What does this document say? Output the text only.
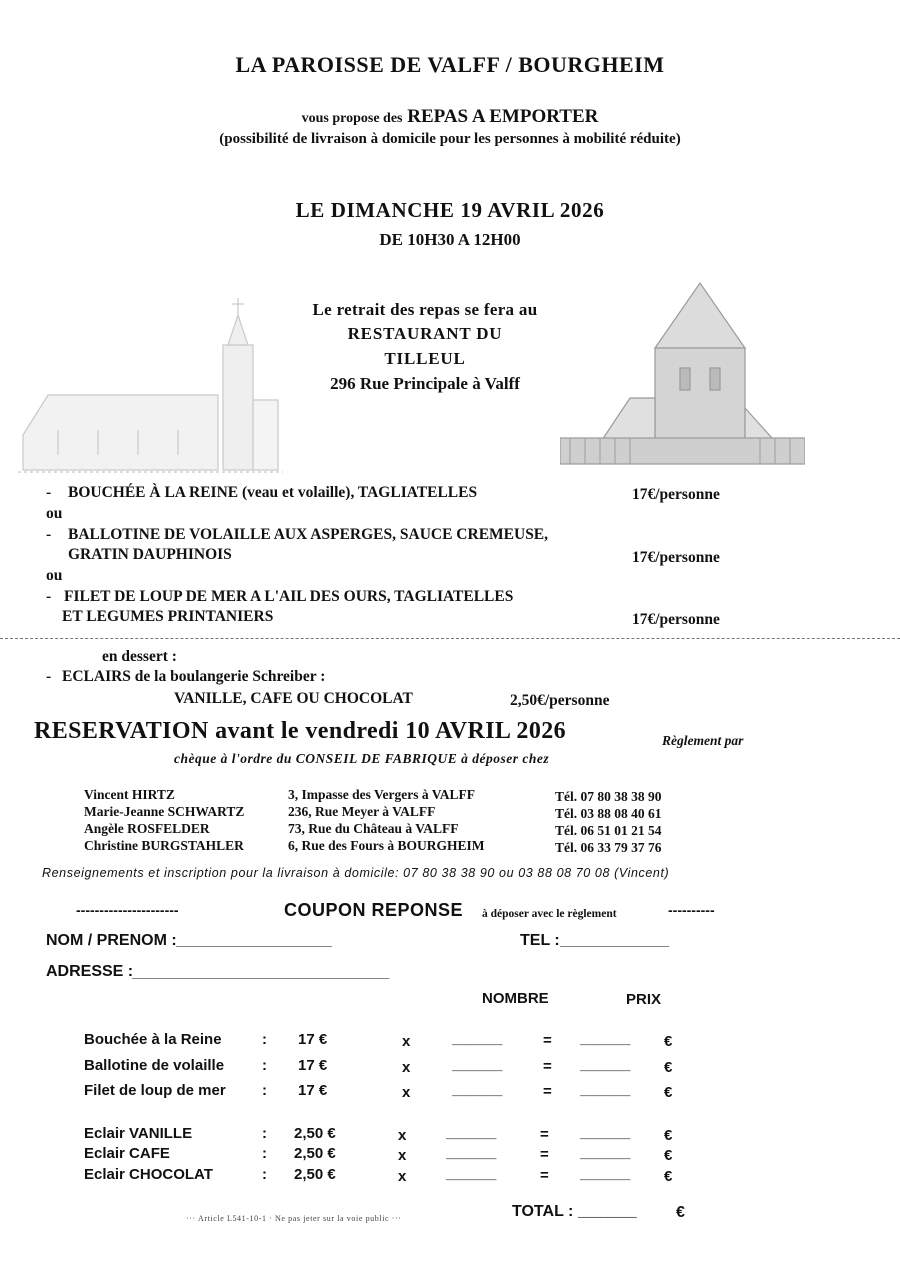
LA PAROISSE DE VALFF / BOURGHEIM
vous propose des REPAS A EMPORTER
(possibilité de livraison à domicile pour les personnes à mobilité réduite)
LE DIMANCHE 19 AVRIL 2026
DE 10H30 A 12H00
Le retrait des repas se fera au
RESTAURANT DU
TILLEUL
296 Rue Principale à Valff
- BOUCHÉE À LA REINE (veau et volaille), TAGLIATELLES	17€/personne
ou
- BALLOTINE DE VOLAILLE AUX ASPERGES, SAUCE CREMEUSE,
GRATIN DAUPHINOIS	17€/personne
ou
- FILET DE LOUP DE MER A L'AIL DES OURS, TAGLIATELLES
ET LEGUMES PRINTANIERS	17€/personne
en dessert :
- ECLAIRS de la boulangerie Schreiber :
VANILLE, CAFE OU CHOCOLAT	2,50€/personne
RESERVATION avant le vendredi 10 AVRIL 2026	Règlement par
chèque à l'ordre du CONSEIL DE FABRIQUE à déposer chez
Vincent HIRTZ	3, Impasse des Vergers à VALFF	Tél. 07 80 38 38 90
Marie-Jeanne SCHWARTZ	236, Rue Meyer à VALFF	Tél. 03 88 08 40 61
Angèle ROSFELDER	73, Rue du Château à VALFF	Tél. 06 51 01 21 54
Christine BURGSTAHLER	6, Rue des Fours à BOURGHEIM	Tél. 06 33 79 37 76
Renseignements et inscription pour la livraison à domicile: 07 80 38 38 90 ou 03 88 08 70 08 (Vincent)
----------------------	COUPON REPONSE à déposer avec le règlement	----------
NOM / PRENOM : ____________________	TEL : ______________
ADRESSE :
_________________________________
NOMBRE	PRIX
Bouchée à la Reine	: 17 €	x	_______	= _______ €
Ballotine de volaille	: 17 €	x	_______	= _______ €
Filet de loup de mer : 17 €	x	_______	= _______ €
Eclair VANILLE	: 2,50 €	x	_______	=	_______ €
Eclair CAFE	: 2,50 €	x	_______	=	_______ €
Eclair CHOCOLAT	: 2,50 €	x	_______	=	_______ €
··· Article L541-10-1 · Ne pas jeter sur la voie public ···	TOTAL : _______ €
